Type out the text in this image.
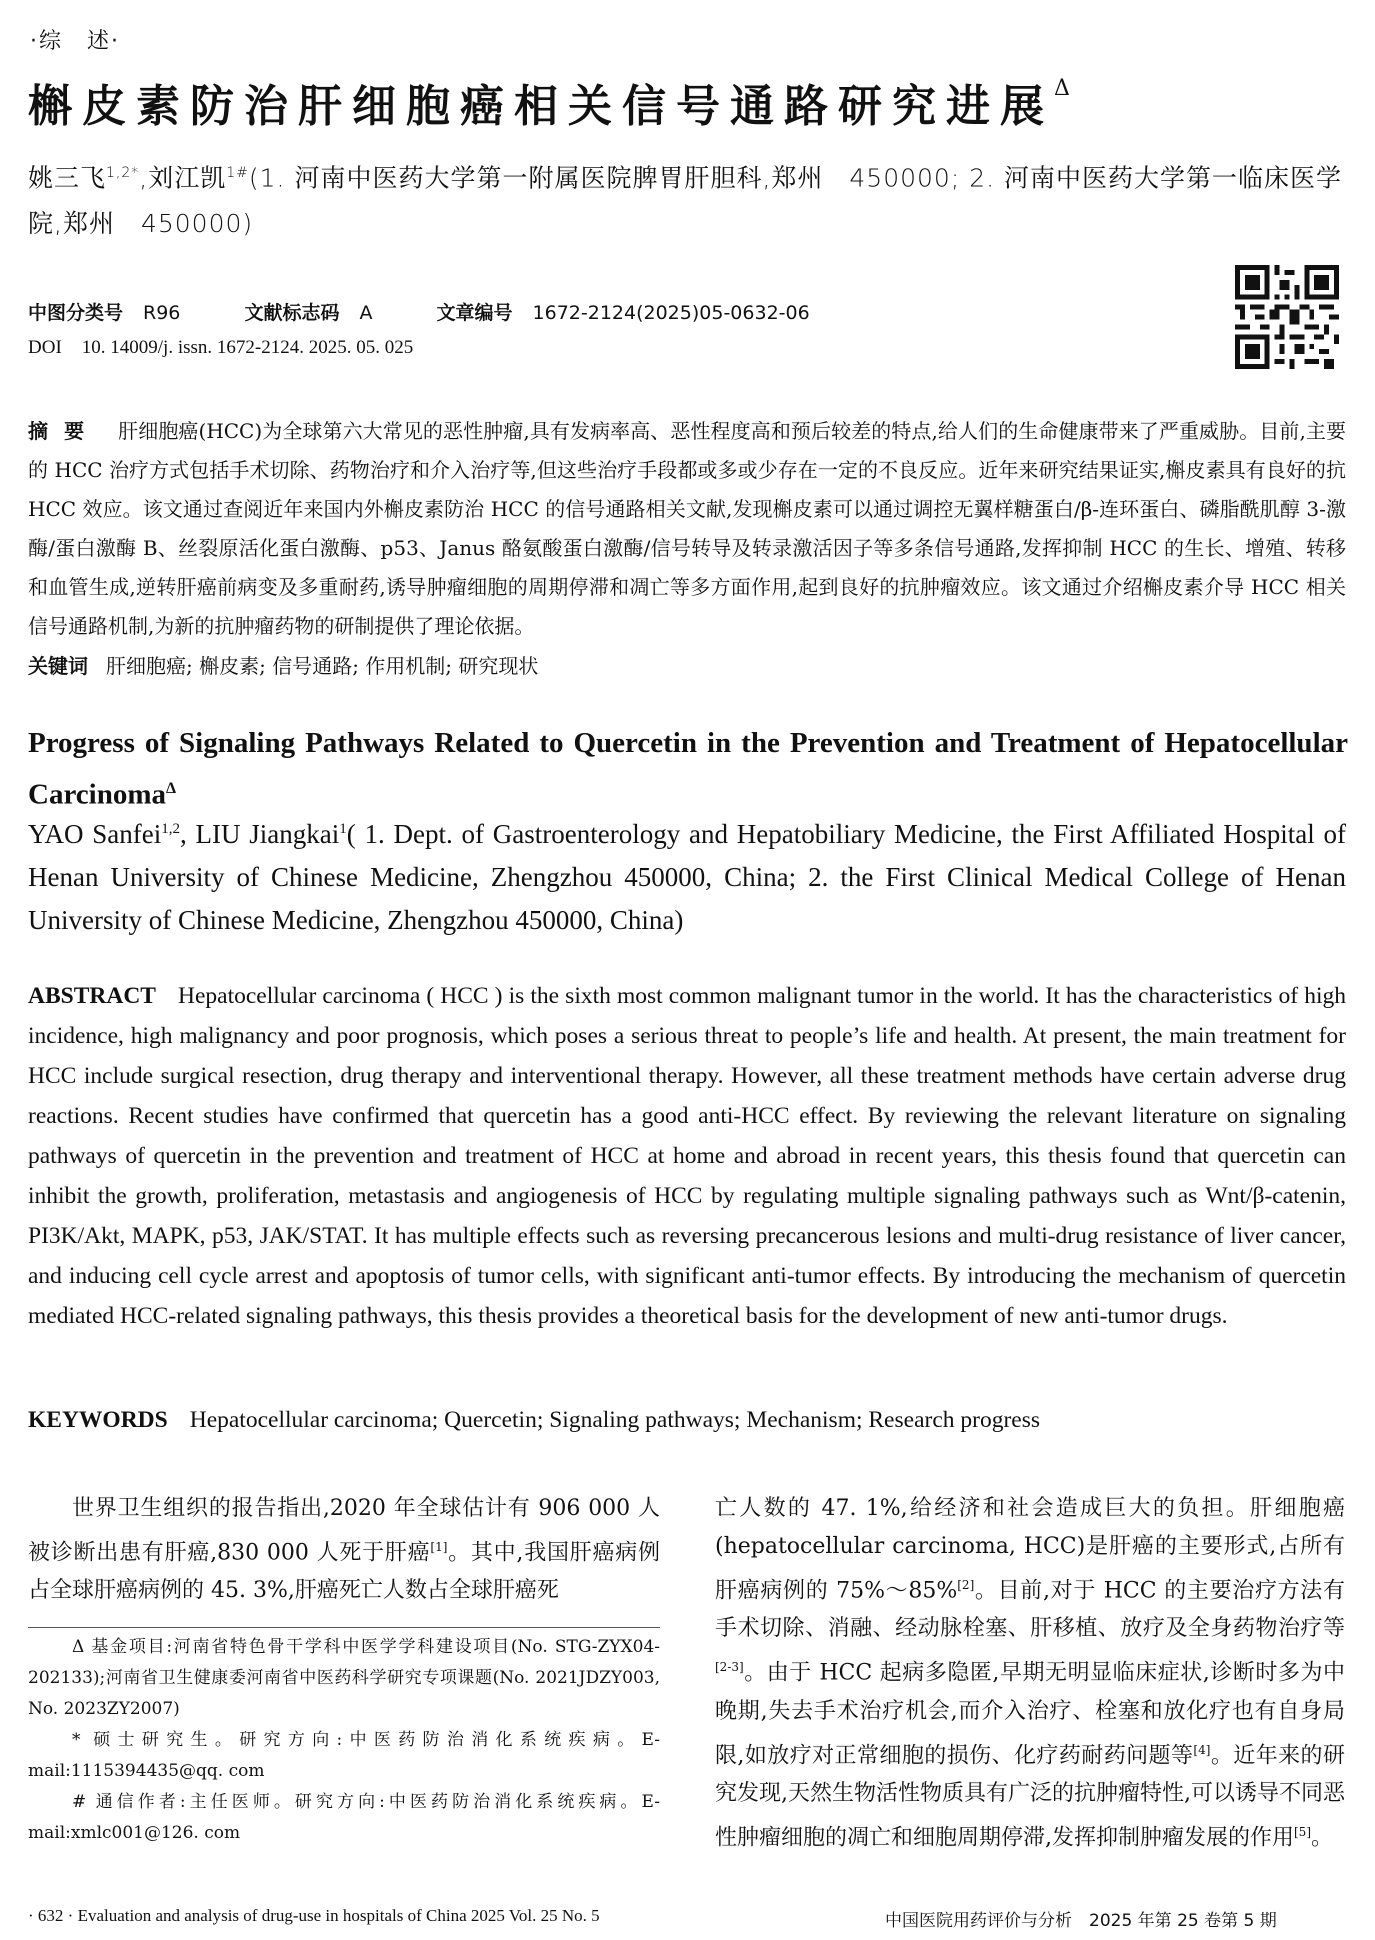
·综　述·
槲皮素防治肝细胞癌相关信号通路研究进展$^\Delta$
姚三飞$^{1,2*}$,刘江凯$^{1\#}$(1. 河南中医药大学第一附属医院脾胃肝胆科,郑州　450000; 2. 河南中医药大学第一临床医学院,郑州　450000)
中图分类号 R96	文献标志码 A	文章编号 1672-2124(2025)05-0632-06
DOI 10. 14009/j. issn. 1672-2124. 2025. 05. 025
摘要 肝细胞癌(HCC)为全球第六大常见的恶性肿瘤,具有发病率高、恶性程度高和预后较差的特点,给人们的生命健康带来了严重威胁。目前,主要的 HCC 治疗方式包括手术切除、药物治疗和介入治疗等,但这些治疗手段都或多或少存在一定的不良反应。近年来研究结果证实,槲皮素具有良好的抗 HCC 效应。该文通过查阅近年来国内外槲皮素防治 HCC 的信号通路相关文献,发现槲皮素可以通过调控无翼样糖蛋白/β-连环蛋白、磷脂酰肌醇 3-激酶/蛋白激酶 B、丝裂原活化蛋白激酶、p53、Janus 酪氨酸蛋白激酶/信号转导及转录激活因子等多条信号通路,发挥抑制 HCC 的生长、增殖、转移和血管生成,逆转肝癌前病变及多重耐药,诱导肿瘤细胞的周期停滞和凋亡等多方面作用,起到良好的抗肿瘤效应。该文通过介绍槲皮素介导 HCC 相关信号通路机制,为新的抗肿瘤药物的研制提供了理论依据。
关键词 肝细胞癌; 槲皮素; 信号通路; 作用机制; 研究现状
Progress of Signaling Pathways Related to Quercetin in the Prevention and Treatment of Hepatocellular Carcinoma$^\Delta$
YAO Sanfei$^{1,2}$, LIU Jiangkai$^1$( 1. Dept. of Gastroenterology and Hepatobiliary Medicine, the First Affiliated Hospital of Henan University of Chinese Medicine, Zhengzhou 450000, China; 2. the First Clinical Medical College of Henan University of Chinese Medicine, Zhengzhou 450000, China)
ABSTRACT Hepatocellular carcinoma ( HCC ) is the sixth most common malignant tumor in the world. It has the characteristics of high incidence, high malignancy and poor prognosis, which poses a serious threat to people’s life and health. At present, the main treatment for HCC include surgical resection, drug therapy and interventional therapy. However, all these treatment methods have certain adverse drug reactions. Recent studies have confirmed that quercetin has a good anti-HCC effect. By reviewing the relevant literature on signaling pathways of quercetin in the prevention and treatment of HCC at home and abroad in recent years, this thesis found that quercetin can inhibit the growth, proliferation, metastasis and angiogenesis of HCC by regulating multiple signaling pathways such as Wnt/β-catenin, PI3K/Akt, MAPK, p53, JAK/STAT. It has multiple effects such as reversing precancerous lesions and multi-drug resistance of liver cancer, and inducing cell cycle arrest and apoptosis of tumor cells, with significant anti-tumor effects. By introducing the mechanism of quercetin mediated HCC-related signaling pathways, this thesis provides a theoretical basis for the development of new anti-tumor drugs.
KEYWORDS Hepatocellular carcinoma; Quercetin; Signaling pathways; Mechanism; Research progress
世界卫生组织的报告指出,2020 年全球估计有 906 000 人被诊断出患有肝癌,830 000 人死于肝癌[1]。其中,我国肝癌病例占全球肝癌病例的 45. 3%,肝癌死亡人数占全球肝癌死

Δ 基金项目:河南省特色骨干学科中医学学科建设项目(No. STG-ZYX04-202133);河南省卫生健康委河南省中医药科学研究专项课题(No. 2021JDZY003, No. 2023ZY2007)

* 硕士研究生。研究方向:中医药防治消化系统疾病。E-mail:1115394435@qq. com

# 通信作者:主任医师。研究方向:中医药防治消化系统疾病。E-mail:xmlc001@126. com

亡人数的 47. 1%,给经济和社会造成巨大的负担。肝细胞癌(hepatocellular carcinoma, HCC)是肝癌的主要形式,占所有肝癌病例的 75%～85%[2]。目前,对于 HCC 的主要治疗方法有手术切除、消融、经动脉栓塞、肝移植、放疗及全身药物治疗等[2-3]。由于 HCC 起病多隐匿,早期无明显临床症状,诊断时多为中晚期,失去手术治疗机会,而介入治疗、栓塞和放化疗也有自身局限,如放疗对正常细胞的损伤、化疗药耐药问题等[4]。近年来的研究发现,天然生物活性物质具有广泛的抗肿瘤特性,可以诱导不同恶性肿瘤细胞的凋亡和细胞周期停滞,发挥抑制肿瘤发展的作用[5]。
· 632 · Evaluation and analysis of drug-use in hospitals of China 2025 Vol. 25 No. 5	中国医院用药评价与分析　2025 年第 25 卷第 5 期
